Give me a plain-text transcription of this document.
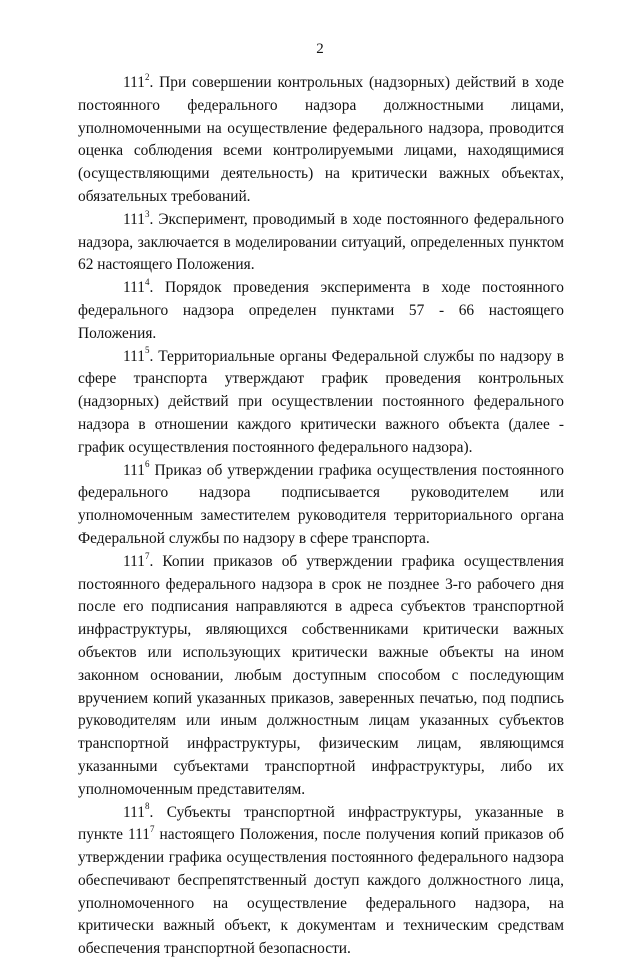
2

$111^2$. При совершении контрольных (надзорных) действий в ходе постоянного федерального надзора должностными лицами, уполномоченными на осуществление федерального надзора, проводится оценка соблюдения всеми контролируемыми лицами, находящимися (осуществляющими деятельность) на критически важных объектах, обязательных требований.

$111^3$. Эксперимент, проводимый в ходе постоянного федерального надзора, заключается в моделировании ситуаций, определенных пунктом 62 настоящего Положения.

$111^4$. Порядок проведения эксперимента в ходе постоянного федерального надзора определен пунктами 57 - 66 настоящего Положения.

$111^5$. Территориальные органы Федеральной службы по надзору в сфере транспорта утверждают график проведения контрольных (надзорных) действий при осуществлении постоянного федерального надзора в отношении каждого критически важного объекта (далее - график осуществления постоянного федерального надзора).

$111^6$ Приказ об утверждении графика осуществления постоянного федерального надзора подписывается руководителем или уполномоченным заместителем руководителя территориального органа Федеральной службы по надзору в сфере транспорта.

$111^7$. Копии приказов об утверждении графика осуществления постоянного федерального надзора в срок не позднее 3-го рабочего дня после его подписания направляются в адреса субъектов транспортной инфраструктуры, являющихся собственниками критически важных объектов или использующих критически важные объекты на ином законном основании, любым доступным способом с последующим вручением копий указанных приказов, заверенных печатью, под подпись руководителям или иным должностным лицам указанных субъектов транспортной инфраструктуры, физическим лицам, являющимся указанными субъектами транспортной инфраструктуры, либо их уполномоченным представителям.

$111^8$. Субъекты транспортной инфраструктуры, указанные в пункте $111^7$ настоящего Положения, после получения копий приказов об утверждении графика осуществления постоянного федерального надзора обеспечивают беспрепятственный доступ каждого должностного лица, уполномоченного на осуществление федерального надзора, на критически важный объект, к документам и техническим средствам обеспечения транспортной безопасности.
